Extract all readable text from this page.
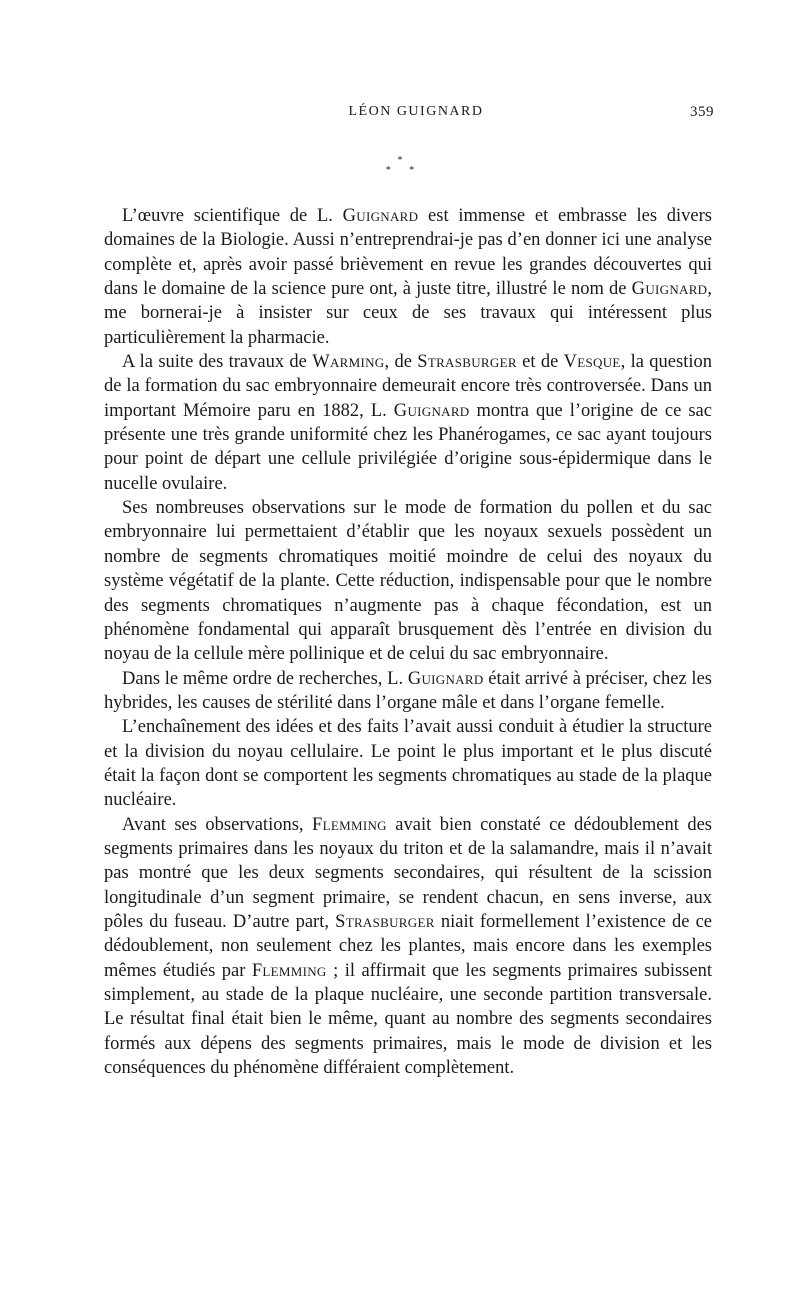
LÉON GUIGNARD	359
*
* *

L’œuvre scientifique de L. Guignard est immense et embrasse les divers domaines de la Biologie. Aussi n’entreprendrai-je pas d’en donner ici une analyse complète et, après avoir passé brièvement en revue les grandes découvertes qui dans le domaine de la science pure ont, à juste titre, illustré le nom de Guignard, me bornerai-je à insister sur ceux de ses travaux qui intéressent plus particulièrement la pharmacie.

A la suite des travaux de Warming, de Strasburger et de Vesque, la question de la formation du sac embryonnaire demeurait encore très controversée. Dans un important Mémoire paru en 1882, L. Guignard montra que l’origine de ce sac présente une très grande uniformité chez les Phanérogames, ce sac ayant toujours pour point de départ une cellule privilégiée d’origine sous-épidermique dans le nucelle ovulaire.

Ses nombreuses observations sur le mode de formation du pollen et du sac embryonnaire lui permettaient d’établir que les noyaux sexuels possèdent un nombre de segments chromatiques moitié moindre de celui des noyaux du système végétatif de la plante. Cette réduction, indispensable pour que le nombre des segments chromatiques n’augmente pas à chaque fécondation, est un phénomène fondamental qui apparaît brusquement dès l’entrée en division du noyau de la cellule mère pollinique et de celui du sac embryonnaire.

Dans le même ordre de recherches, L. Guignard était arrivé à préciser, chez les hybrides, les causes de stérilité dans l’organe mâle et dans l’organe femelle.

L’enchaînement des idées et des faits l’avait aussi conduit à étudier la structure et la division du noyau cellulaire. Le point le plus important et le plus discuté était la façon dont se comportent les segments chromatiques au stade de la plaque nucléaire.

Avant ses observations, Flemming avait bien constaté ce dédoublement des segments primaires dans les noyaux du triton et de la salamandre, mais il n’avait pas montré que les deux segments secondaires, qui résultent de la scission longitudinale d’un segment primaire, se rendent chacun, en sens inverse, aux pôles du fuseau. D’autre part, Strasburger niait formellement l’existence de ce dédoublement, non seulement chez les plantes, mais encore dans les exemples mêmes étudiés par Flemming ; il affirmait que les segments primaires subissent simplement, au stade de la plaque nucléaire, une seconde partition transversale. Le résultat final était bien le même, quant au nombre des segments secondaires formés aux dépens des segments primaires, mais le mode de division et les conséquences du phénomène différaient complètement.
